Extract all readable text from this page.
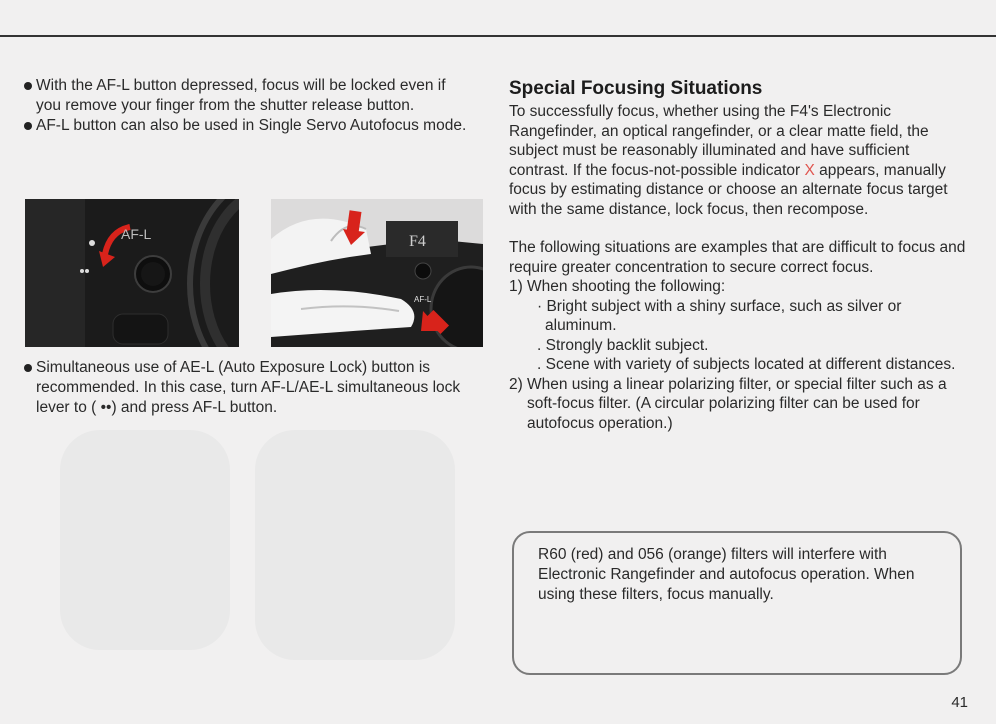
With the AF-L button depressed, focus will be locked even if you remove your finger from the shutter release button.

AF-L button can also be used in Single Servo Autofocus mode.

AF-L	F4
AF-L

Simultaneous use of AE-L (Auto Exposure Lock) button is recommended. In this case, turn AF-L/AE-L simultaneous lock lever to ( ••) and press AF-L button.

Special Focusing Situations

To successfully focus, whether using the F4's Electronic Rangefinder, an optical rangefinder, or a clear matte field, the subject must be reasonably illuminated and have sufficient contrast. If the focus-not-possible indicator X appears, manually focus by estimating distance or choose an alternate focus target with the same distance, lock focus, then recompose.

The following situations are examples that are difficult to focus and require greater concentration to secure correct focus.

1) When shooting the following:
· Bright subject with a shiny surface, such as silver or aluminum.
. Strongly backlit subject.
. Scene with variety of subjects located at different distances.
2) When using a linear polarizing filter, or special filter such as a soft-focus filter. (A circular polarizing filter can be used for autofocus operation.)
R60 (red) and 056 (orange) filters will interfere with Electronic Rangefinder and autofocus operation. When using these filters, focus manually.
41
